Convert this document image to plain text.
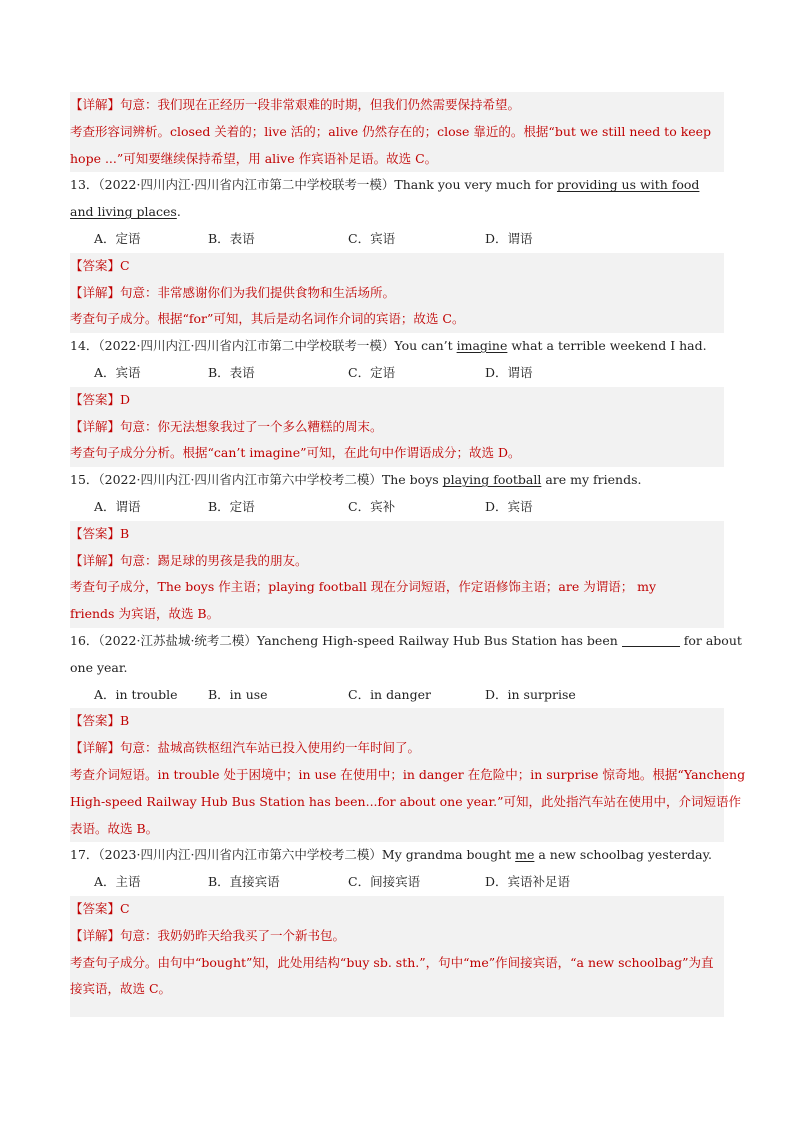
【详解】句意：我们现在正经历一段非常艰难的时期，但我们仍然需要保持希望。
考查形容词辨析。closed 关着的；live 活的；alive 仍然存在的；close 靠近的。根据“but we still need to keep
hope ...”可知要继续保持希望，用 alive 作宾语补足语。故选 C。
13．（2022·四川内江·四川省内江市第二中学校联考一模）Thank you very much for providing us with food
and living places.
A．定语	B．表语	C．宾语	D．谓语
【答案】C
【详解】句意：非常感谢你们为我们提供食物和生活场所。
考查句子成分。根据“for”可知，其后是动名词作介词的宾语；故选 C。
14．（2022·四川内江·四川省内江市第二中学校联考一模）You can’t imagine what a terrible weekend I had.
A．宾语	B．表语	C．定语	D．谓语
【答案】D
【详解】句意：你无法想象我过了一个多么糟糕的周末。
考查句子成分分析。根据“can’t imagine”可知，在此句中作谓语成分；故选 D。
15．（2022·四川内江·四川省内江市第六中学校考二模）The boys playing football are my friends.
A．谓语	B．定语	C．宾补	D．宾语
【答案】B
【详解】句意：踢足球的男孩是我的朋友。
考查句子成分，The boys 作主语；playing football 现在分词短语，作定语修饰主语；are 为谓语； my
friends 为宾语，故选 B。
16．（2022·江苏盐城·统考二模）Yancheng High-speed Railway Hub Bus Station has been	for about
one year.
A．in trouble B．in use	C．in danger	D．in surprise
【答案】B
【详解】句意：盐城高铁枢纽汽车站已投入使用约一年时间了。
考查介词短语。in trouble 处于困境中；in use 在使用中；in danger 在危险中；in surprise 惊奇地。根据“Yancheng
High-speed Railway Hub Bus Station has been...for about one year.”可知，此处指汽车站在使用中，介词短语作
表语。故选 B。
17．（2023·四川内江·四川省内江市第六中学校考二模）My grandma bought me a new schoolbag yesterday.
A．主语	B．直接宾语	C．间接宾语	D．宾语补足语
【答案】C
【详解】句意：我奶奶昨天给我买了一个新书包。
考查句子成分。由句中“bought”知，此处用结构“buy sb. sth.”，句中“me”作间接宾语，“a new schoolbag”为直
接宾语，故选 C。
